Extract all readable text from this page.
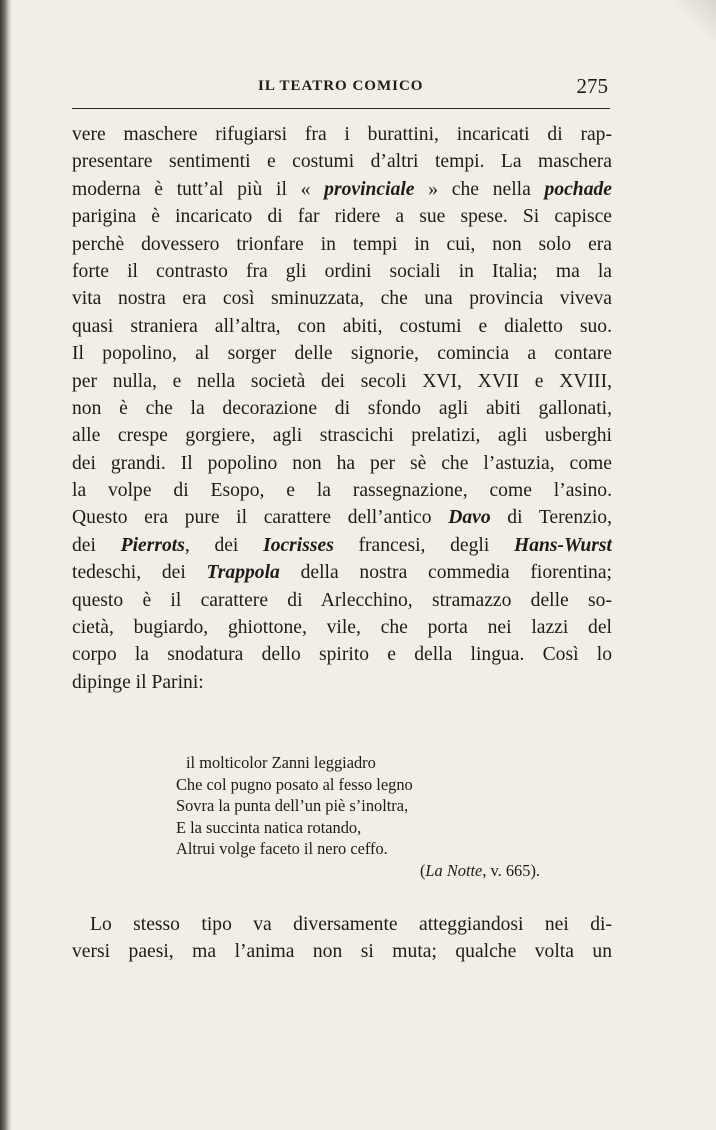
IL TEATRO COMICO	275
vere maschere rifugiarsi fra i burattini, incaricati di rap-
presentare sentimenti e costumi d’altri tempi. La maschera
moderna è tutt’al più il « provinciale » che nella pochade
parigina è incaricato di far ridere a sue spese. Si capisce
perchè dovessero trionfare in tempi in cui, non solo era
forte il contrasto fra gli ordini sociali in Italia; ma la
vita nostra era così sminuzzata, che una provincia viveva
quasi straniera all’altra, con abiti, costumi e dialetto suo.
Il popolino, al sorger delle signorie, comincia a contare
per nulla, e nella società dei secoli XVI, XVII e XVIII,
non è che la decorazione di sfondo agli abiti gallonati,
alle crespe gorgiere, agli strascichi prelatizi, agli usberghi
dei grandi. Il popolino non ha per sè che l’astuzia, come
la volpe di Esopo, e la rassegnazione, come l’asino.
Questo era pure il carattere dell’antico Davo di Terenzio,
dei Pierrots, dei Iocrisses francesi, degli Hans-Wurst
tedeschi, dei Trappola della nostra commedia fiorentina;
questo è il carattere di Arlecchino, stramazzo delle so-
cietà, bugiardo, ghiottone, vile, che porta nei lazzi del
corpo la snodatura dello spirito e della lingua. Così lo
dipinge il Parini:
il molticolor Zanni leggiadro
Che col pugno posato al fesso legno
Sovra la punta dell’un piè s’inoltra,
E la succinta natica rotando,
Altrui volge faceto il nero ceffo.
(La Notte, v. 665).
Lo stesso tipo va diversamente atteggiandosi nei di-
versi paesi, ma l’anima non si muta; qualche volta un
